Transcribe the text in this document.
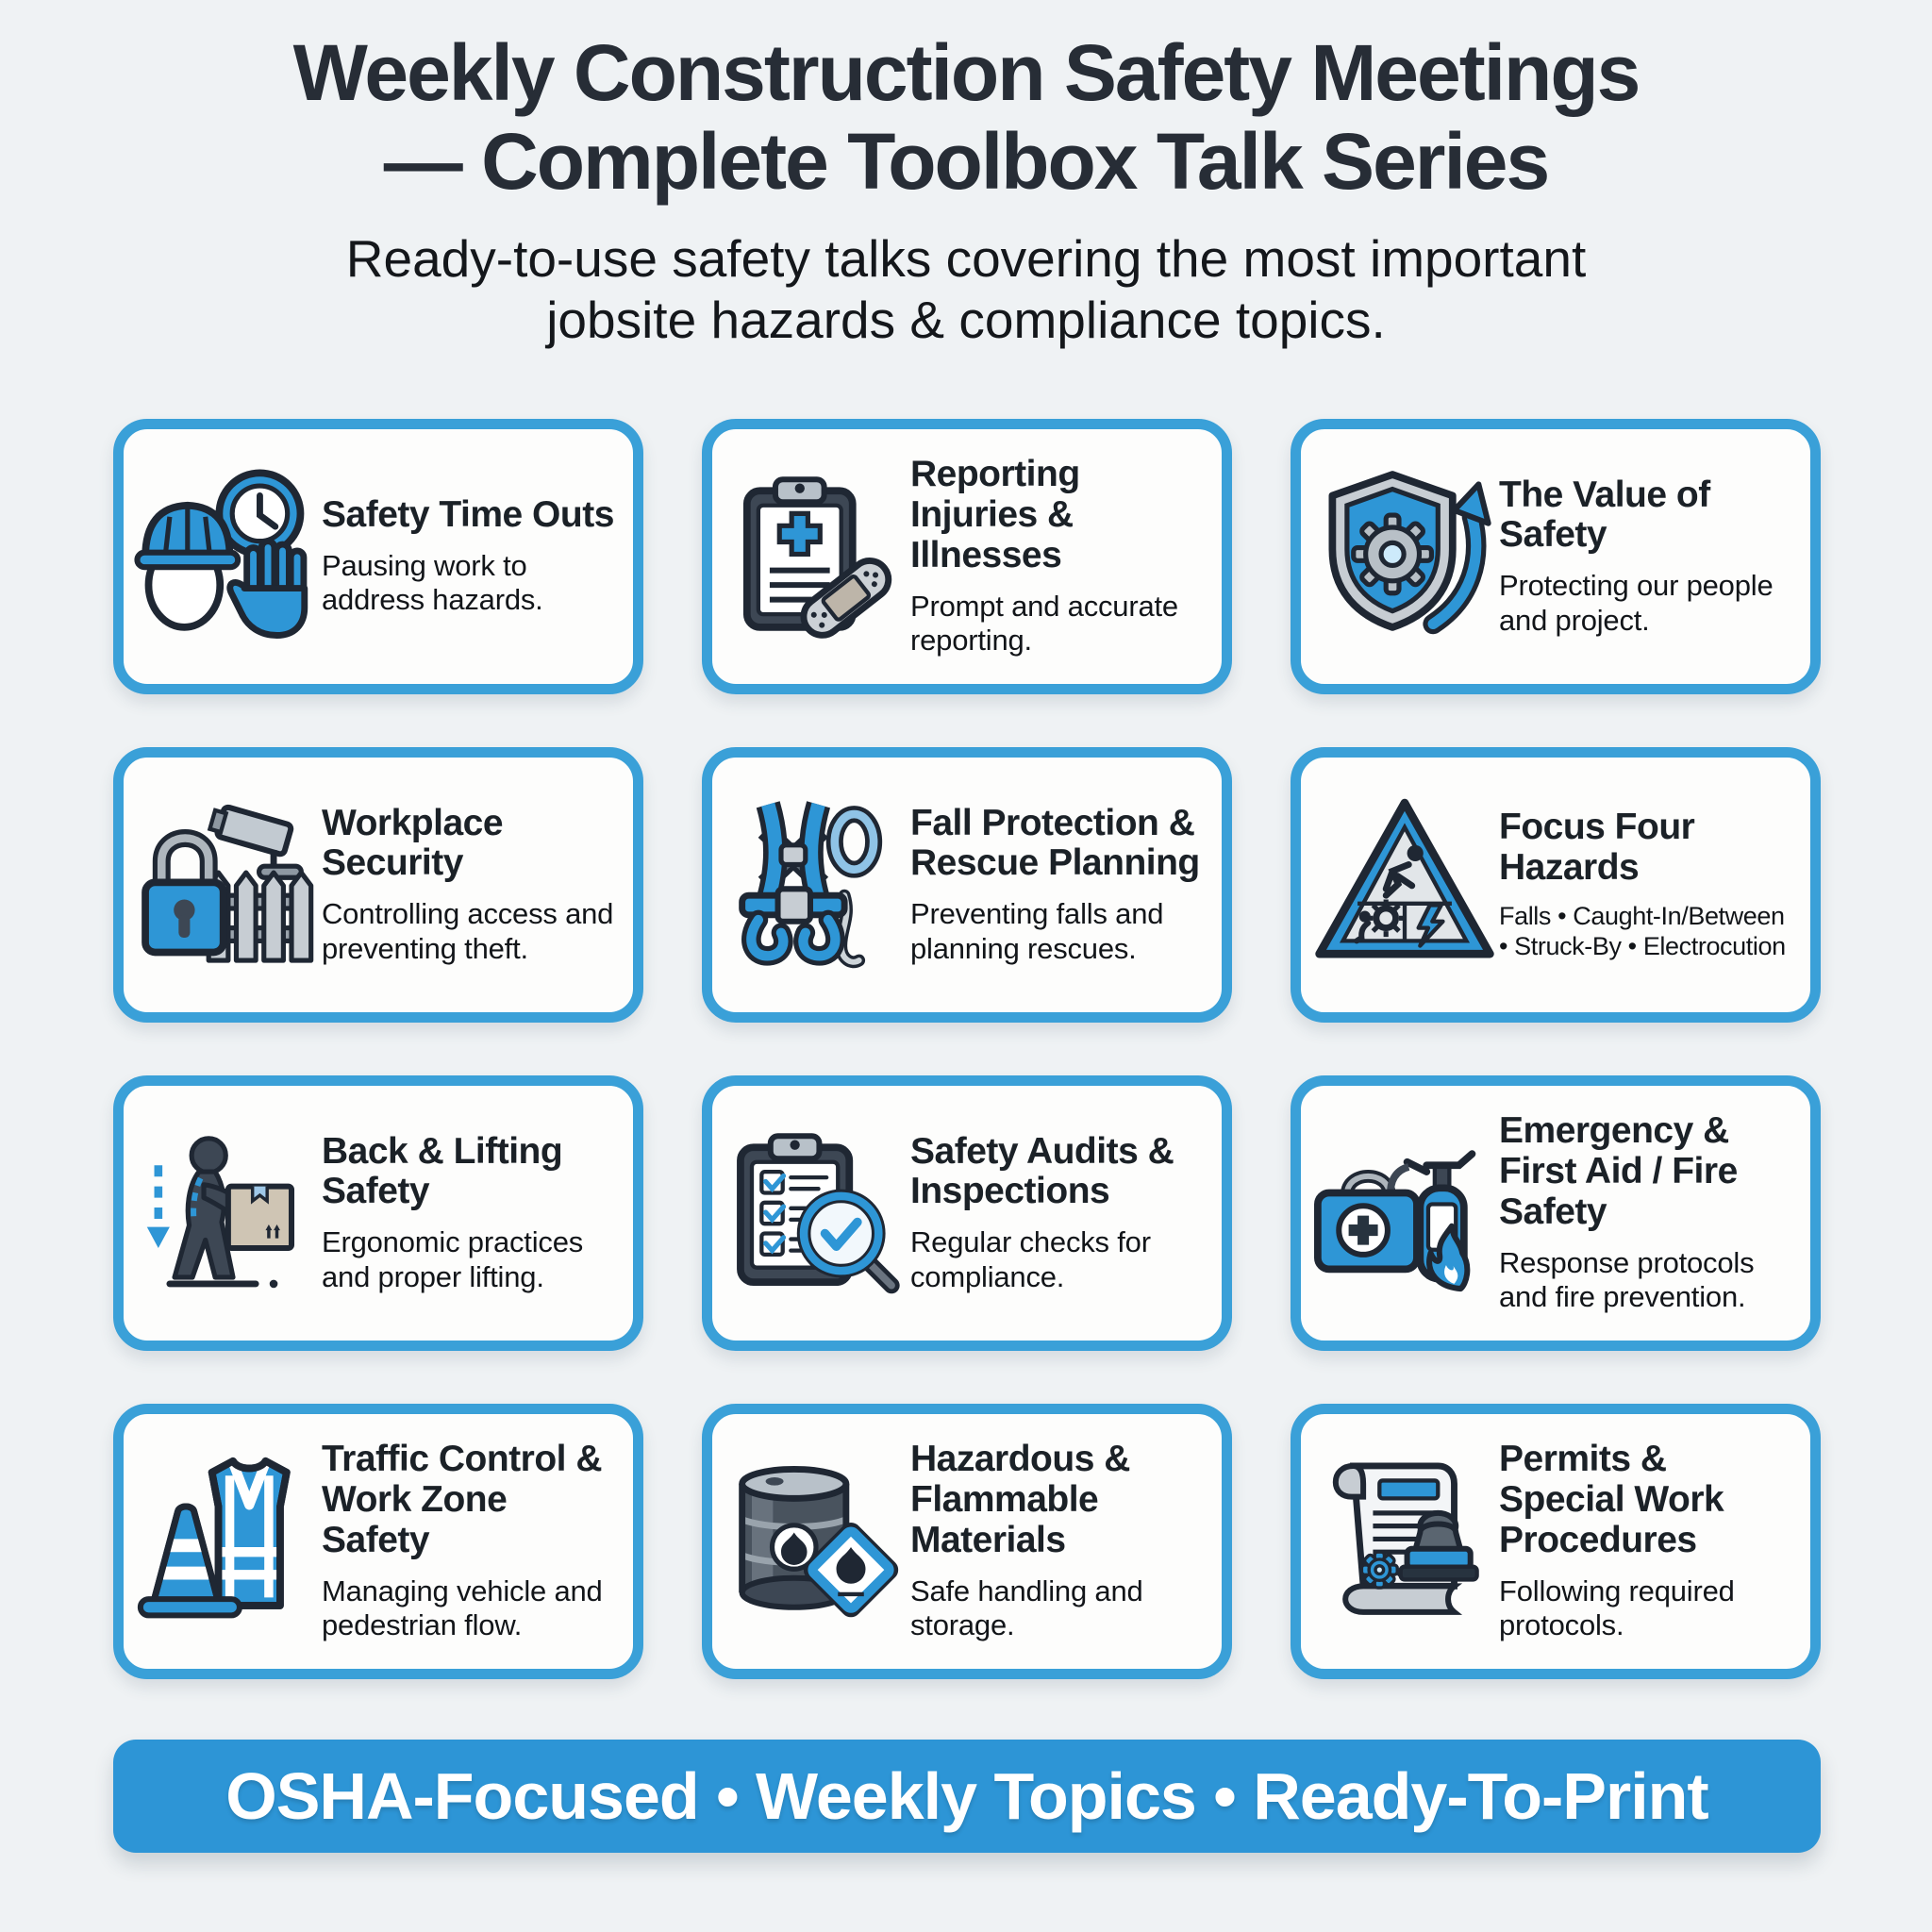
Weekly Construction Safety Meetings
— Complete Toolbox Talk Series

Ready-to-use safety talks covering the most important jobsite hazards & compliance topics.

Safety Time Outs

Pausing work to address hazards.

Reporting Injuries & Illnesses

Prompt and accurate reporting.

The Value of Safety

Protecting our people and project.

Workplace Security

Controlling access and preventing theft.

Fall Protection & Rescue Planning

Preventing falls and planning rescues.

Focus Four Hazards

Falls • Caught-In/Between • Struck-By • Electrocution

Back & Lifting Safety

Ergonomic practices and proper lifting.

Safety Audits & Inspections

Regular checks for compliance.

Emergency & First Aid / Fire Safety

Response protocols and fire prevention.

Traffic Control & Work Zone Safety

Managing vehicle and pedestrian flow.

Hazardous & Flammable Materials

Safe handling and storage.

Permits & Special Work Procedures

Following required protocols.

OSHA-Focused • Weekly Topics • Ready-To-Print
